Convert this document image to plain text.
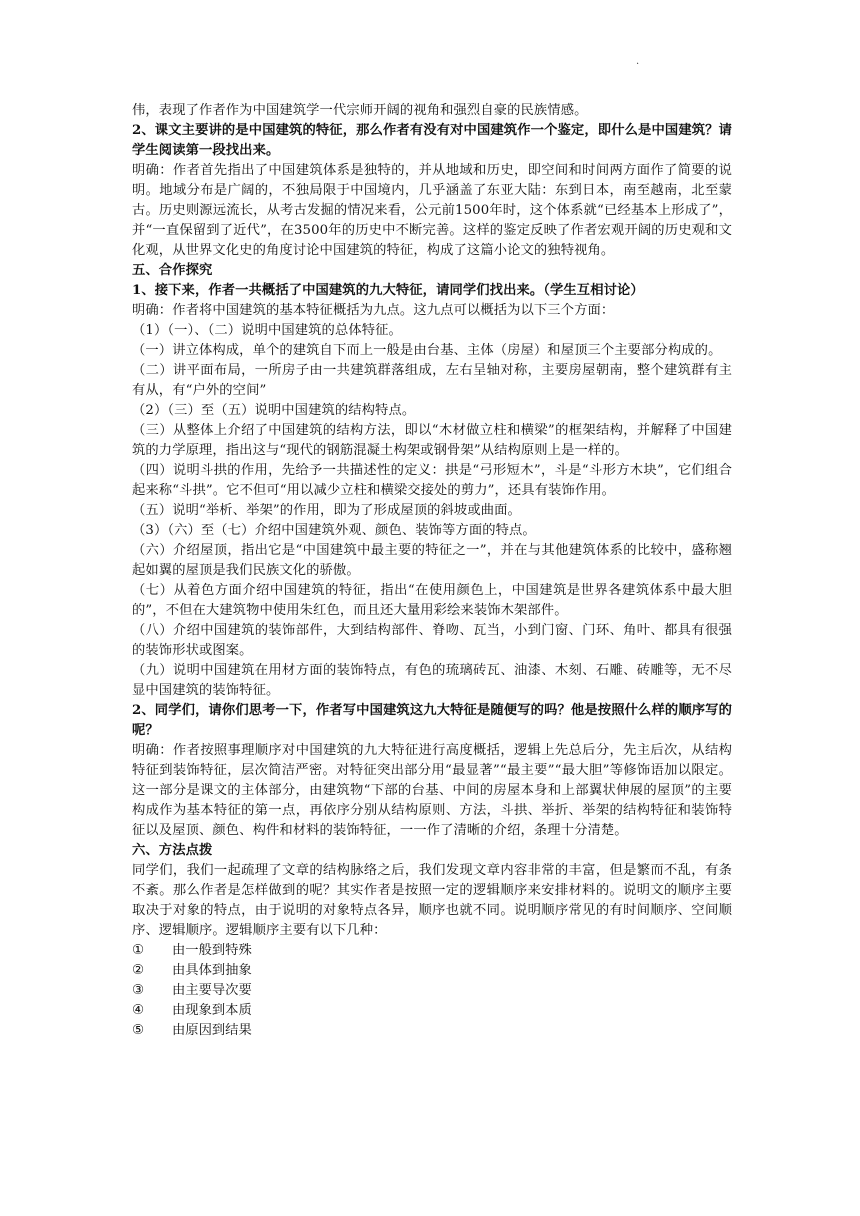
.

伟，表现了作者作为中国建筑学一代宗师开阔的视角和强烈自豪的民族情感。

2、课文主要讲的是中国建筑的特征，那么作者有没有对中国建筑作一个鉴定，即什么是中国建筑？请学生阅读第一段找出来。

明确：作者首先指出了中国建筑体系是独特的，并从地域和历史，即空间和时间两方面作了简要的说明。地域分布是广阔的，不独局限于中国境内，几乎涵盖了东亚大陆：东到日本，南至越南，北至蒙古。历史则源远流长，从考古发掘的情况来看，公元前1500年时，这个体系就“已经基本上形成了”，并“一直保留到了近代”，在3500年的历史中不断完善。这样的鉴定反映了作者宏观开阔的历史观和文化观，从世界文化史的角度讨论中国建筑的特征，构成了这篇小论文的独特视角。

五、合作探究

1、接下来，作者一共概括了中国建筑的九大特征，请同学们找出来。（学生互相讨论）

明确：作者将中国建筑的基本特征概括为九点。这九点可以概括为以下三个方面：

（1）（一）、（二）说明中国建筑的总体特征。

（一）讲立体构成，单个的建筑自下而上一般是由台基、主体（房屋）和屋顶三个主要部分构成的。

（二）讲平面布局，一所房子由一共建筑群落组成，左右呈轴对称，主要房屋朝南，整个建筑群有主有从，有“户外的空间”

（2）（三）至（五）说明中国建筑的结构特点。

（三）从整体上介绍了中国建筑的结构方法，即以“木材做立柱和横梁”的框架结构，并解释了中国建筑的力学原理，指出这与“现代的钢筋混凝土构架或钢骨架”从结构原则上是一样的。

（四）说明斗拱的作用，先给予一共描述性的定义：拱是“弓形短木”，斗是“斗形方木块”，它们组合起来称“斗拱”。它不但可“用以减少立柱和横梁交接处的剪力”，还具有装饰作用。

（五）说明“举析、举架”的作用，即为了形成屋顶的斜坡或曲面。

（3）（六）至（七）介绍中国建筑外观、颜色、装饰等方面的特点。

（六）介绍屋顶，指出它是“中国建筑中最主要的特征之一”，并在与其他建筑体系的比较中，盛称翘起如翼的屋顶是我们民族文化的骄傲。

（七）从着色方面介绍中国建筑的特征，指出“在使用颜色上，中国建筑是世界各建筑体系中最大胆的”，不但在大建筑物中使用朱红色，而且还大量用彩绘来装饰木架部件。

（八）介绍中国建筑的装饰部件，大到结构部件、脊吻、瓦当，小到门窗、门环、角叶、都具有很强的装饰形状或图案。

（九）说明中国建筑在用材方面的装饰特点，有色的琉璃砖瓦、油漆、木刻、石雕、砖雕等，无不尽显中国建筑的装饰特征。

2、同学们，请你们思考一下，作者写中国建筑这九大特征是随便写的吗？他是按照什么样的顺序写的呢？

明确：作者按照事理顺序对中国建筑的九大特征进行高度概括，逻辑上先总后分，先主后次，从结构特征到装饰特征，层次简洁严密。对特征突出部分用“最显著”“最主要”“最大胆”等修饰语加以限定。这一部分是课文的主体部分，由建筑物“下部的台基、中间的房屋本身和上部翼状伸展的屋顶”的主要构成作为基本特征的第一点，再依序分别从结构原则、方法，斗拱、举折、举架的结构特征和装饰特征以及屋顶、颜色、构件和材料的装饰特征，一一作了清晰的介绍，条理十分清楚。

六、方法点拨

同学们，我们一起疏理了文章的结构脉络之后，我们发现文章内容非常的丰富，但是繁而不乱，有条不紊。那么作者是怎样做到的呢？其实作者是按照一定的逻辑顺序来安排材料的。说明文的顺序主要取决于对象的特点，由于说明的对象特点各异，顺序也就不同。说明顺序常见的有时间顺序、空间顺序、逻辑顺序。逻辑顺序主要有以下几种：

①	由一般到特殊
②	由具体到抽象
③	由主要导次要
④	由现象到本质
⑤	由原因到结果
